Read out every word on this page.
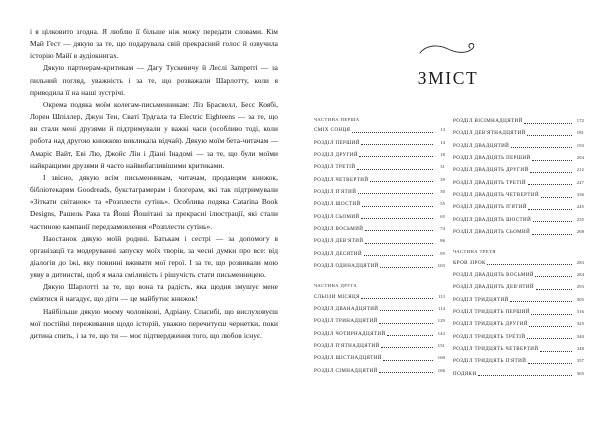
і я цілковито згодна. Я люблю її більше ніж можу передати словами. Кім Май Гест — дякую за те, що подарувала свій прекрасний голос й озвучила історію Майї в аудіокнигах.

Дякую партнерам-критикам — Дагу Тускевичу й Леслі Заmpetті — за пильний погляд, уважність і за те, що розважали Шарлотту, коли я приводила її на наші зустрічі.

Окрема подяка моїм колегам-письменникам: Ліз Брасвелл, Бесс Коябі, Лорен Шпіллер, Джун Тен, Сваті Трдгала та Electric Eighteens — за те, що ви стали мені друзями й підтримували у важкі часи (особливо тоді, коли робота над другою книжкою викликала відчай). Дякую моїм бета-читачам — Амаріс Вайт, Еві Лю, Джойс Лін і Діані Інадомі — за те, що були моїми найкращими друзями й часто найвибагливішими критиками.

І звісно, дякую всім письменникам, читачам, продавцям книжок, бібліотекарям Goodreads, букстаграмерам і блогерам, які так підтримували «Зіткати світанок» та «Розплести сутінь». Особлива подяка Catarina Book Designs, Рашель Рака та Йоші Йошітані за прекрасні ілюстрації, які стали частиною кампанії передзамовлення «Розплести сутінь».

Наостанок дякую моїй родині. Батькам і сестрі — за допомогу в організації та модеруванні запуску моїх творів, за чесні думки про все: від діалогів до їжі, яку повинні вживати мої герої. І за те, що розвивали мою уяву в дитинстві, щоб я мала сміливість і рішучість стати письменницею.

Дякую Шарлотті за те, що вона та радість, яка щодня змушує мене сміятися й нагадує, що діти — це майбутнє книжок!

Найбільше дякую моєму чоловікові, Адріану. Спасибі, що вислуховуєш мої постійні переживання щодо історій, уважно перечитуєш чернетки, поки дитина спить, і за те, що ти — моє підтвердження того, що любов існує.

ЗМІСТ
ЧАСТИНА ПЕРША
СМІХ СОНЦЯ	13
РОЗДІЛ ПЕРШИЙ	14
РОЗДІЛ ДРУГИЙ	18
РОЗДІЛ ТРЕТІЙ	31
РОЗДІЛ ЧЕТВЕРТИЙ	39
РОЗДІЛ П'ЯТИЙ	50
РОЗДІЛ ШОСТИЙ	55
РОЗДІЛ СЬОМИЙ	65
РОЗДІЛ ВОСЬМИЙ	74
РОЗДІЛ ДЕВ'ЯТИЙ	86
РОЗДІЛ ДЕСЯТИЙ	95
РОЗДІЛ ОДИНАДЦЯТИЙ	103
ЧАСТИНА ДРУГА
СЛЬОЗИ МІСЯЦЯ	113
РОЗДІЛ ДВАНАДЦЯТИЙ	114
РОЗДІЛ ТРИНАДЦЯТИЙ	129
РОЗДІЛ ЧОТИРНАДЦЯТИЙ	143
РОЗДІЛ П'ЯТНАДЦЯТИЙ	151
РОЗДІЛ ШІСТНАДЦЯТИЙ	160
РОЗДІЛ СІМНАДЦЯТИЙ	166
РОЗДІЛ ВІСІМНАДЦЯТИЙ	172
РОЗДІЛ ДЕВ'ЯТНАДЦЯТИЙ	181
РОЗДІЛ ДВАДЦЯТИЙ	193
РОЗДІЛ ДВАДЦЯТЬ ПЕРШИЙ	204
РОЗДІЛ ДВАДЦЯТЬ ДРУГИЙ	212
РОЗДІЛ ДВАДЦЯТЬ ТРЕТІЙ	227
РОЗДІЛ ДВАДЦЯТЬ ЧЕТВЕРТИЙ	336
РОЗДІЛ ДВАДЦЯТЬ П'ЯТИЙ	245
РОЗДІЛ ДВАДЦЯТЬ ШОСТИЙ	255
РОЗДІЛ ДВАДЦЯТЬ СЬОМИЙ	268
ЧАСТИНА ТРЕТЯ
КРОВ ЗІРОК	283
РОЗДІЛ ДВАДЦЯТЬ ВОСЬМИЙ	284
РОЗДІЛ ДВАДЦЯТЬ ДЕВ'ЯТИЙ	293
РОЗДІЛ ТРИДЦЯТИЙ	305
РОЗДІЛ ТРИДЦЯТЬ ПЕРШИЙ	316
РОЗДІЛ ТРИДЦЯТЬ ДРУГИЙ	325
РОЗДІЛ ТРИДЦЯТЬ ТРЕТІЙ	340
РОЗДІЛ ТРИДЦЯТЬ ЧЕТВЕРТИЙ	348
РОЗДІЛ ТРИДЦЯТЬ П'ЯТИЙ	357
ПОДЯКИ	365
